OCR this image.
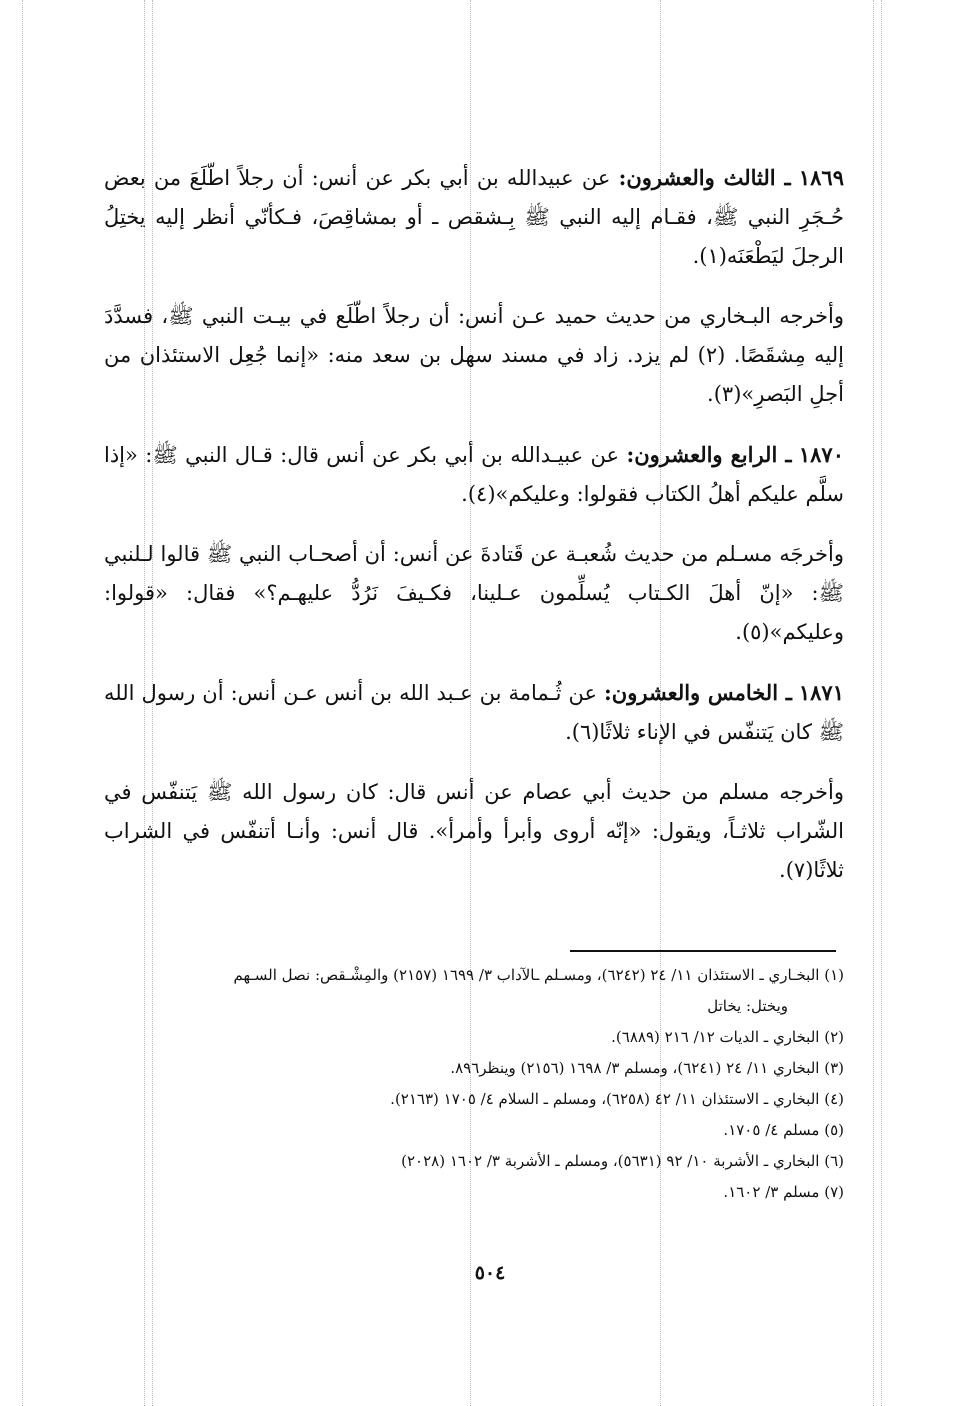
١٨٦٩ ـ الثالث والعشرون: عن عبيدالله بن أبي بكر عن أنس: أن رجلاً اطّلَعَ من بعض حُـجَرِ النبي ﷺ، فقـام إليه النبي ﷺ بِـشقص ـ أو بمشاقِصَ، فـكأنّي أنظر إليه يختِلُ الرجلَ ليَطْعَنَه(١).

وأخرجه البـخاري من حديث حميد عـن أنس: أن رجلاً اطّلَع في بيـت النبي ﷺ، فسدَّدَ إليه مِشقَصًا. (٢) لم يزد. زاد في مسند سهل بن سعد منه: «إنما جُعِل الاستئذان من أجلِ البَصرِ»(٣).

١٨٧٠ ـ الرابع والعشرون: عن عبيـدالله بن أبي بكر عن أنس قال: قـال النبي ﷺ: «إذا سلَّم عليكم أهلُ الكتاب فقولوا: وعليكم»(٤).

وأخرجَه مسـلم من حديث شُعبـة عن قَتادةَ عن أنس: أن أصحـاب النبي ﷺ قالوا لـلنبي ﷺ: «إنّ أهلَ الكـتاب يُسلِّمون عـلينا، فكـيفَ نَرُدُّ عليهـم؟» فقال: «قولوا: وعليكم»(٥).

١٨٧١ ـ الخامس والعشرون: عن ثُـمامة بن عـبد الله بن أنس عـن أنس: أن رسول الله ﷺ كان يَتنفّس في الإناء ثلاثًا(٦).

وأخرجه مسلم من حديث أبي عصام عن أنس قال: كان رسول الله ﷺ يَتنفّس في الشّراب ثلاثـاً، ويقول: «إنّه أروى وأبرأ وأمرأ». قال أنس: وأنـا أتنفّس في الشراب ثلاثًا(٧).

(١) البخـاري ـ الاستئذان ١١/ ٢٤ (٦٢٤٢)، ومسـلم ـالآداب ٣/ ١٦٩٩ (٢١٥٧) والمِشْـقص: نصل السـهم

ويختل: يخاتل

(٢) البخاري ـ الديات ١٢/ ٢١٦ (٦٨٨٩).

(٣) البخاري ١١/ ٢٤ (٦٢٤١)، ومسلم ٣/ ١٦٩٨ (٢١٥٦) وينظر٨٩٦.

(٤) البخاري ـ الاستئذان ١١/ ٤٢ (٦٢٥٨)، ومسلم ـ السلام ٤/ ١٧٠٥ (٢١٦٣).

(٥) مسلم ٤/ ١٧٠٥.

(٦) البخاري ـ الأشربة ١٠/ ٩٢ (٥٦٣١)، ومسلم ـ الأشربة ٣/ ١٦٠٢ (٢٠٢٨)

(٧) مسلم ٣/ ١٦٠٢.

٥٠٤
